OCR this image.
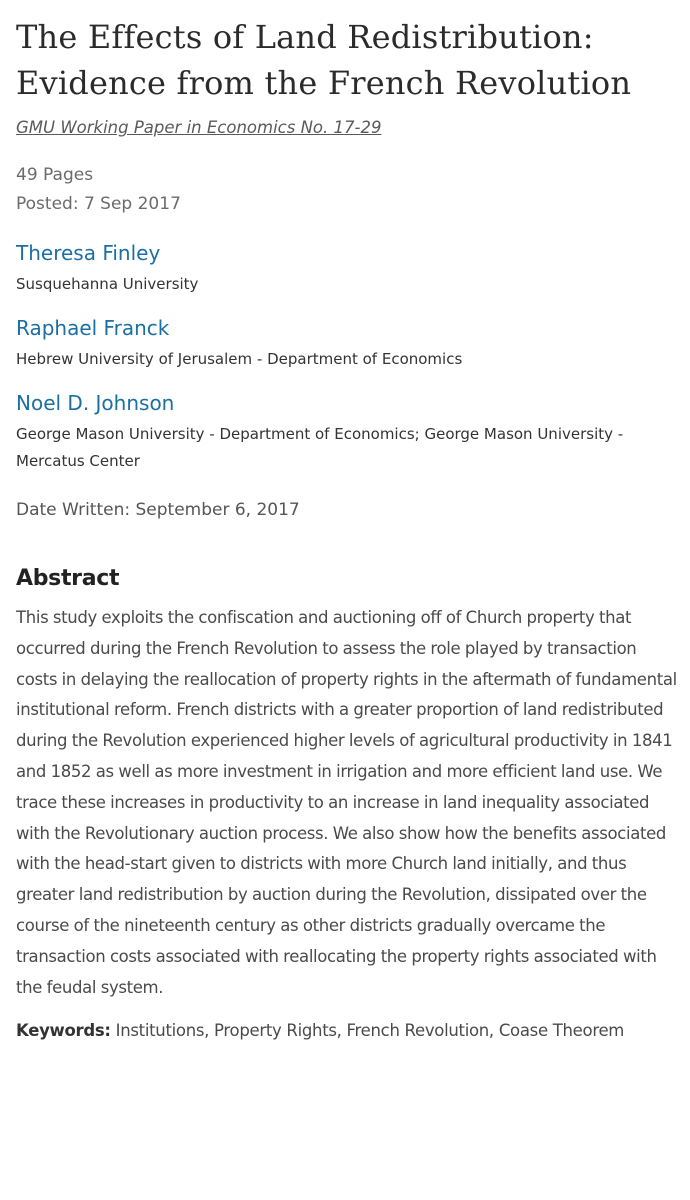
The Effects of Land Redistribution:
Evidence from the French Revolution
GMU Working Paper in Economics No. 17-29
49 Pages
Posted: 7 Sep 2017
Theresa Finley
Susquehanna University
Raphael Franck
Hebrew University of Jerusalem - Department of Economics
Noel D. Johnson
George Mason University - Department of Economics; George Mason University - Mercatus Center
Date Written: September 6, 2017
Abstract
This study exploits the confiscation and auctioning off of Church property that occurred during the French Revolution to assess the role played by transaction costs in delaying the reallocation of property rights in the aftermath of fundamental institutional reform. French districts with a greater proportion of land redistributed during the Revolution experienced higher levels of agricultural productivity in 1841 and 1852 as well as more investment in irrigation and more efficient land use. We trace these increases in productivity to an increase in land inequality associated with the Revolutionary auction process. We also show how the benefits associated with the head-start given to districts with more Church land initially, and thus greater land redistribution by auction during the Revolution, dissipated over the course of the nineteenth century as other districts gradually overcame the transaction costs associated with reallocating the property rights associated with the feudal system.
Keywords: Institutions, Property Rights, French Revolution, Coase Theorem
